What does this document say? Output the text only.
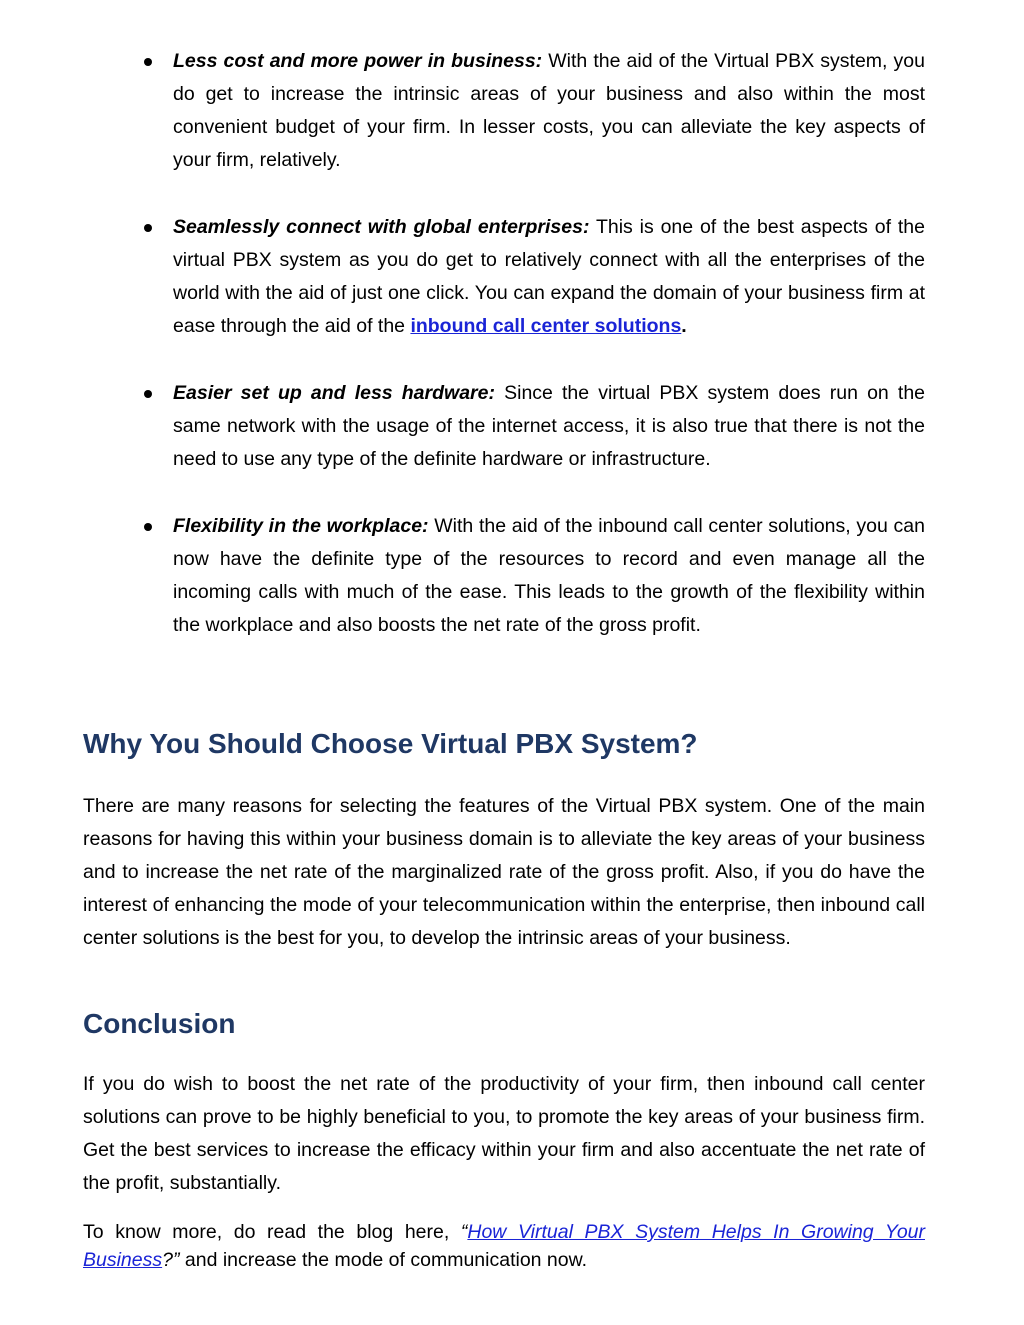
Less cost and more power in business: With the aid of the Virtual PBX system, you do get to increase the intrinsic areas of your business and also within the most convenient budget of your firm. In lesser costs, you can alleviate the key aspects of your firm, relatively.
Seamlessly connect with global enterprises: This is one of the best aspects of the virtual PBX system as you do get to relatively connect with all the enterprises of the world with the aid of just one click. You can expand the domain of your business firm at ease through the aid of the inbound call center solutions.
Easier set up and less hardware: Since the virtual PBX system does run on the same network with the usage of the internet access, it is also true that there is not the need to use any type of the definite hardware or infrastructure.
Flexibility in the workplace: With the aid of the inbound call center solutions, you can now have the definite type of the resources to record and even manage all the incoming calls with much of the ease. This leads to the growth of the flexibility within the workplace and also boosts the net rate of the gross profit.
Why You Should Choose Virtual PBX System?

There are many reasons for selecting the features of the Virtual PBX system. One of the main reasons for having this within your business domain is to alleviate the key areas of your business and to increase the net rate of the marginalized rate of the gross profit. Also, if you do have the interest of enhancing the mode of your telecommunication within the enterprise, then inbound call center solutions is the best for you, to develop the intrinsic areas of your business.

Conclusion

If you do wish to boost the net rate of the productivity of your firm, then inbound call center solutions can prove to be highly beneficial to you, to promote the key areas of your business firm. Get the best services to increase the efficacy within your firm and also accentuate the net rate of the profit, substantially.

To know more, do read the blog here, “How Virtual PBX System Helps In Growing Your Business?” and increase the mode of communication now.
